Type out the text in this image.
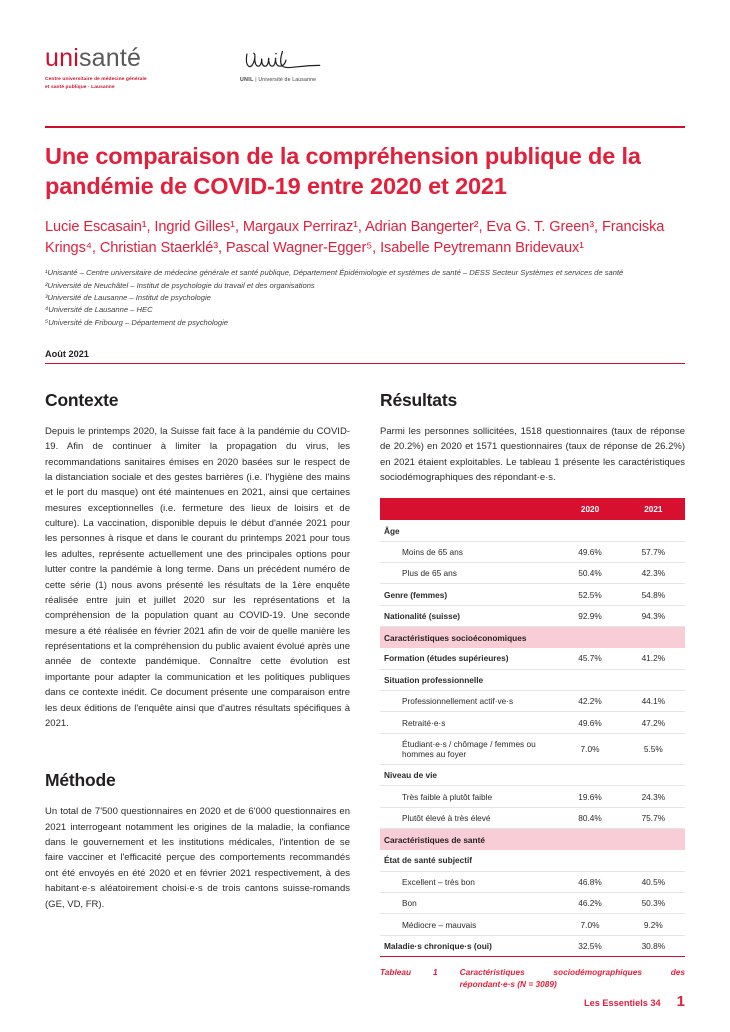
unisanté
Centre universitaire de médecine générale
et santé publique · Lausanne
UNIL | Université de Lausanne
Une comparaison de la compréhension publique de la pandémie de COVID-19 entre 2020 et 2021
Lucie Escasain¹, Ingrid Gilles¹, Margaux Perriraz¹, Adrian Bangerter², Eva G. T. Green³, Franciska Krings⁴, Christian Staerklé³, Pascal Wagner-Egger⁵, Isabelle Peytremann Bridevaux¹
¹Unisanté – Centre universitaire de médecine générale et santé publique, Département Épidémiologie et systèmes de santé – DESS Secteur Systèmes et services de santé
²Université de Neuchâtel – Institut de psychologie du travail et des organisations
³Université de Lausanne – Institut de psychologie
⁴Université de Lausanne – HEC
⁵Université de Fribourg – Département de psychologie
Août 2021
Contexte

Depuis le printemps 2020, la Suisse fait face à la pandémie du COVID-19. Afin de continuer à limiter la propagation du virus, les recommandations sanitaires émises en 2020 basées sur le respect de la distanciation sociale et des gestes barrières (i.e. l'hygiène des mains et le port du masque) ont été maintenues en 2021, ainsi que certaines mesures exceptionnelles (i.e. fermeture des lieux de loisirs et de culture). La vaccination, disponible depuis le début d'année 2021 pour les personnes à risque et dans le courant du printemps 2021 pour tous les adultes, représente actuellement une des principales options pour lutter contre la pandémie à long terme. Dans un précédent numéro de cette série (1) nous avons présenté les résultats de la 1ère enquête réalisée entre juin et juillet 2020 sur les représentations et la compréhension de la population quant au COVID-19. Une seconde mesure a été réalisée en février 2021 afin de voir de quelle manière les représentations et la compréhension du public avaient évolué après une année de contexte pandémique. Connaître cette évolution est importante pour adapter la communication et les politiques publiques dans ce contexte inédit. Ce document présente une comparaison entre les deux éditions de l'enquête ainsi que d'autres résultats spécifiques à 2021.

Méthode

Un total de 7'500 questionnaires en 2020 et de 6'000 questionnaires en 2021 interrogeant notamment les origines de la maladie, la confiance dans le gouvernement et les institutions médicales, l'intention de se faire vacciner et l'efficacité perçue des comportements recommandés ont été envoyés en été 2020 et en février 2021 respectivement, à des habitant·e·s aléatoirement choisi·e·s de trois cantons suisse-romands (GE, VD, FR).

Résultats

Parmi les personnes sollicitées, 1518 questionnaires (taux de réponse de 20.2%) en 2020 et 1571 questionnaires (taux de réponse de 26.2%) en 2021 étaient exploitables. Le tableau 1 présente les caractéristiques sociodémographiques des répondant·e·s.

	2020	2021
Âge		
Moins de 65 ans	49.6%	57.7%
Plus de 65 ans	50.4%	42.3%
Genre (femmes)	52.5%	54.8%
Nationalité (suisse)	92.9%	94.3%
Caractéristiques socioéconomiques		
Formation (études supérieures)	45.7%	41.2%
Situation professionnelle		
Professionnellement actif·ve·s	42.2%	44.1%
Retraité·e·s	49.6%	47.2%
Étudiant·e·s / chômage / femmes ou hommes au foyer	7.0%	5.5%
Niveau de vie		
Très faible à plutôt faible	19.6%	24.3%
Plutôt élevé à très élevé	80.4%	75.7%
Caractéristiques de santé		
État de santé subjectif		
Excellent – très bon	46.8%	40.5%
Bon	46.2%	50.3%
Médiocre – mauvais	7.0%	9.2%
Maladie·s chronique·s (oui)	32.5%	30.8%
Tableau	1	Caractéristiques sociodémographiques des répondant·e·s (N = 3089)
Les Essentiels 34 1
